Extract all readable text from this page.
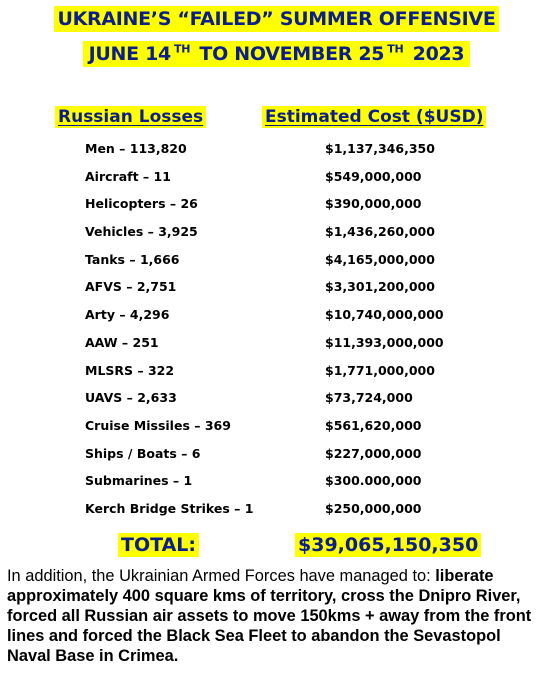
UKRAINE’S “FAILED” SUMMER OFFENSIVE
JUNE 14 $^{TH}$ TO NOVEMBER 25 $^{TH}$ 2023
Russian Losses	Estimated Cost ($USD)
Men – 113,820	$1,137,346,350
Aircraft – 11	$549,000,000
Helicopters – 26	$390,000,000
Vehicles – 3,925	$1,436,260,000
Tanks – 1,666	$4,165,000,000
AFVS – 2,751	$3,301,200,000
Arty – 4,296	$10,740,000,000
AAW – 251	$11,393,000,000
MLSRS – 322	$1,771,000,000
UAVS – 2,633	$73,724,000
Cruise Missiles – 369	$561,620,000
Ships / Boats – 6	$227,000,000
Submarines – 1	$300.000,000
Kerch Bridge Strikes – 1	$250,000,000
TOTAL:	$39,065,150,350
In addition, the Ukrainian Armed Forces have managed to: liberate approximately 400 square kms of territory, cross the Dnipro River, forced all Russian air assets to move 150kms + away from the front lines and forced the Black Sea Fleet to abandon the Sevastopol Naval Base in Crimea.
